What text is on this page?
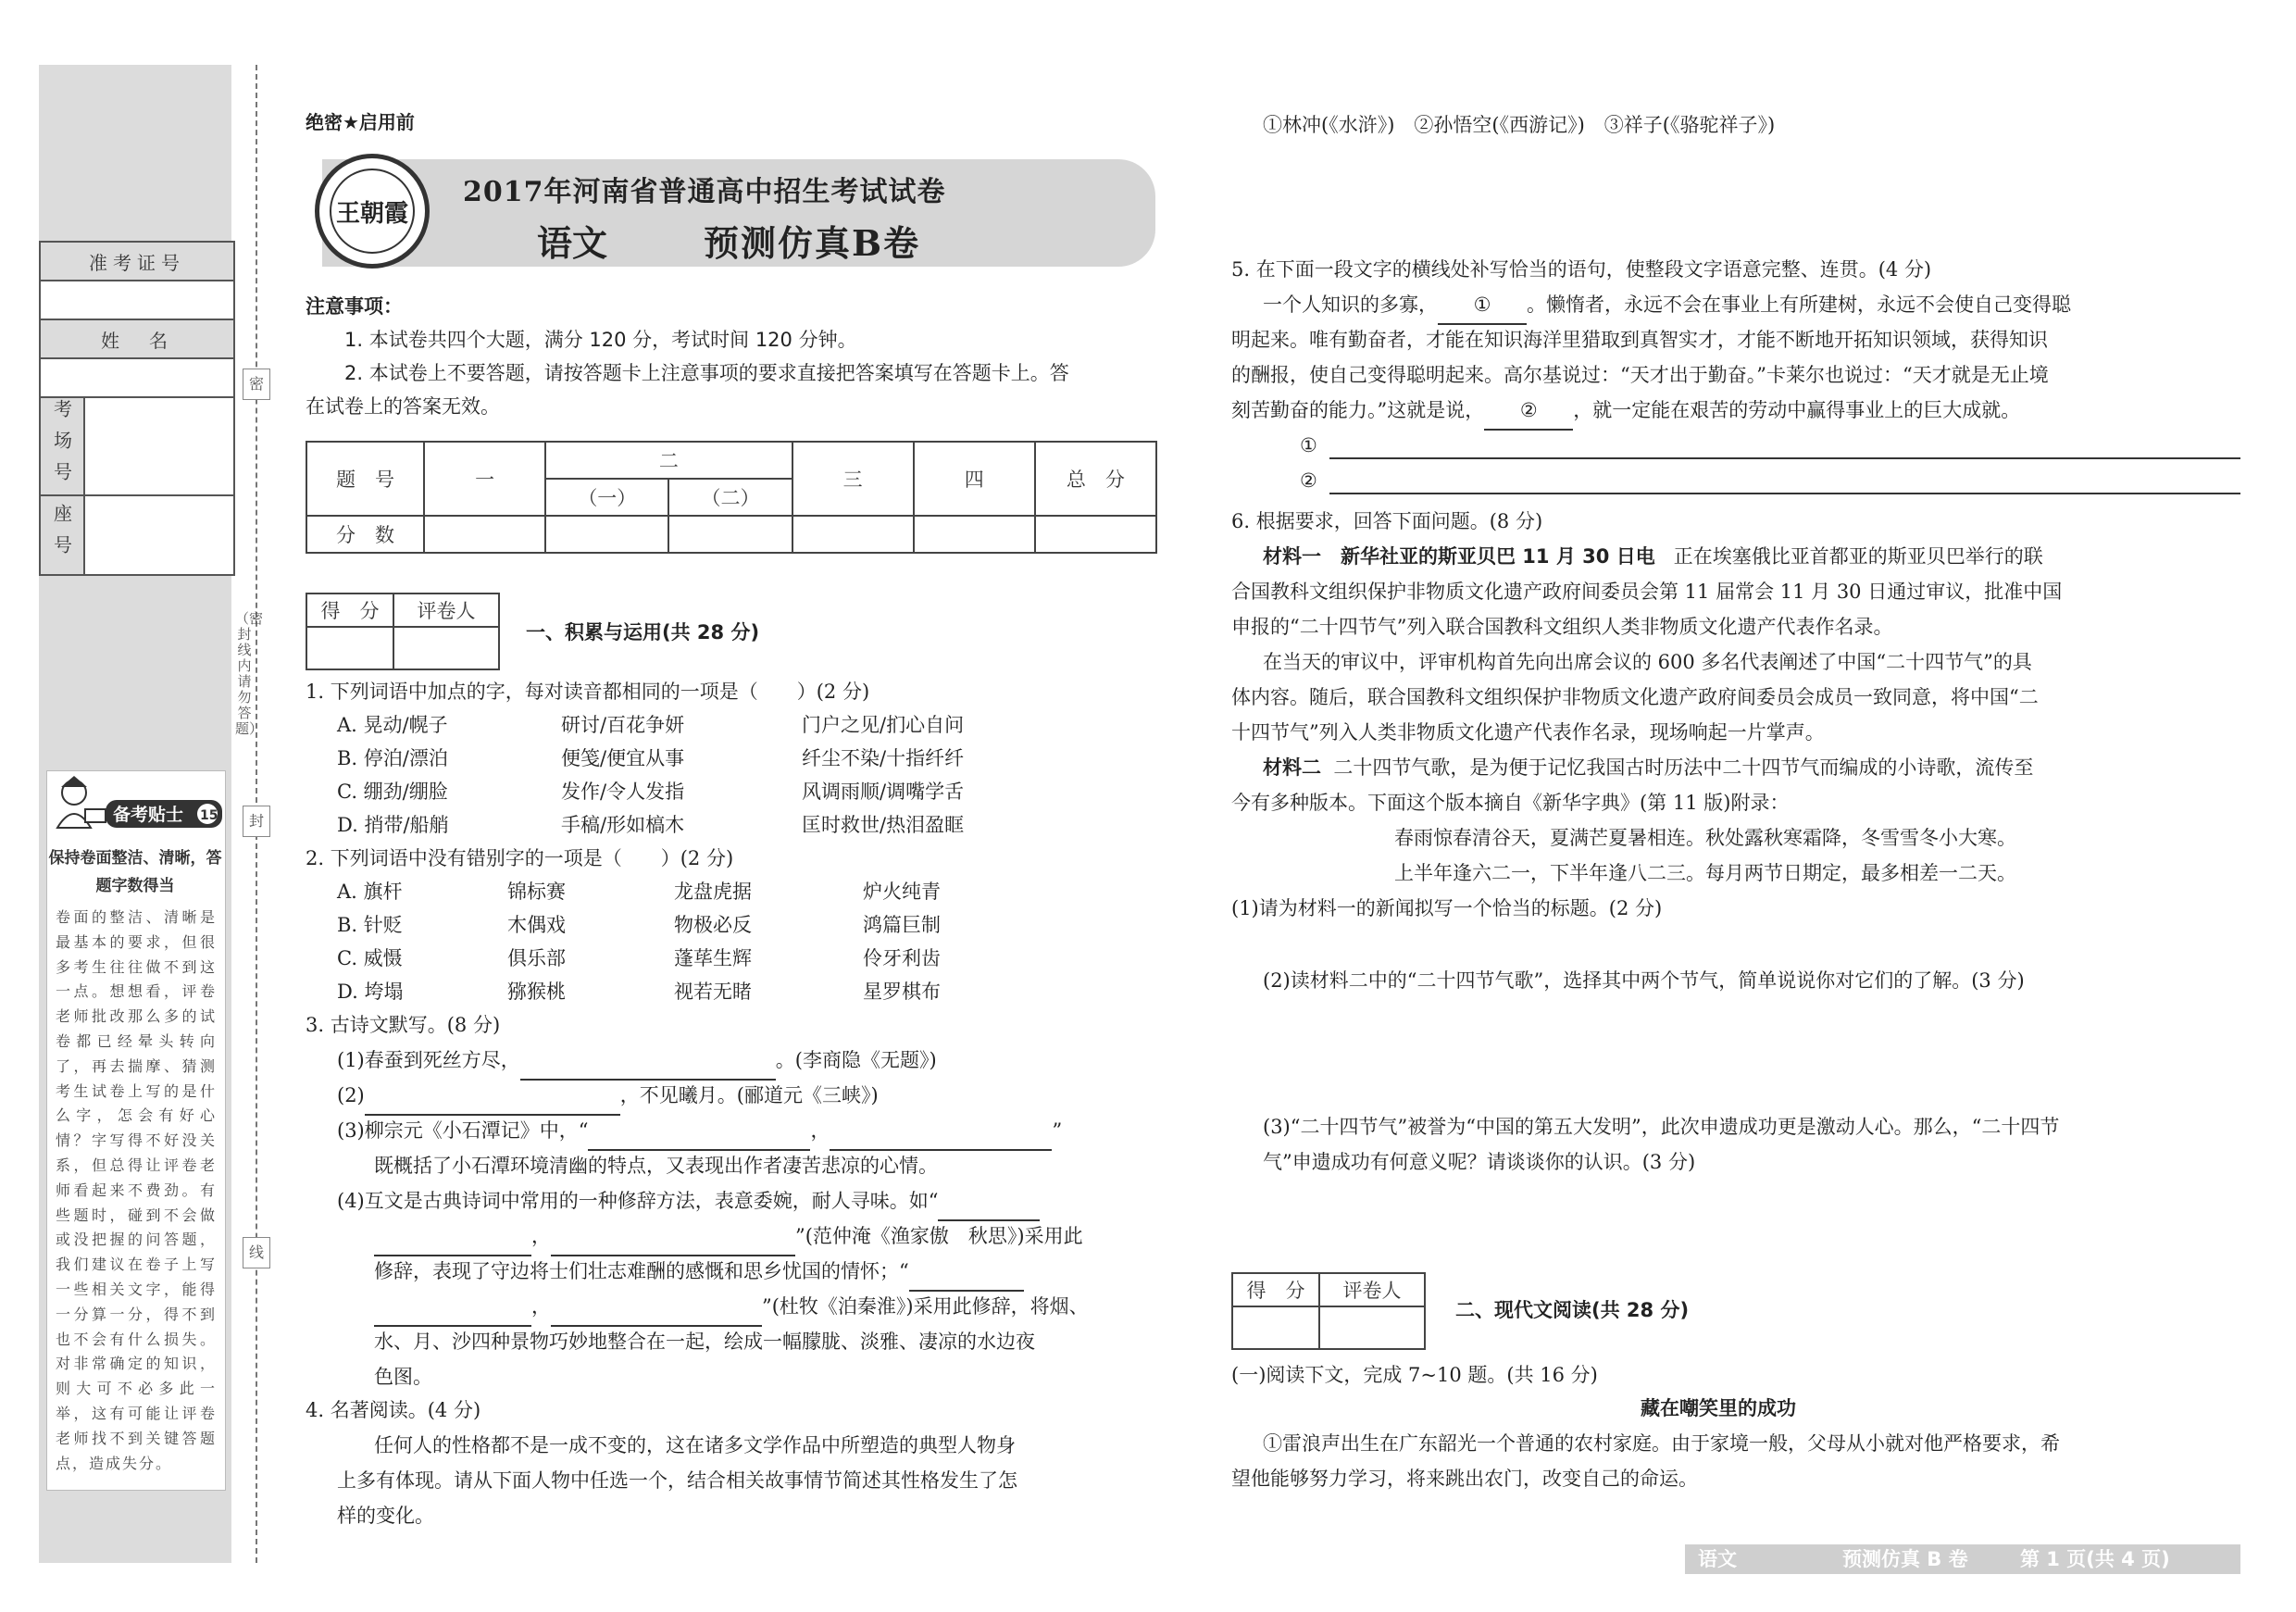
准考证号
姓　名
考场号
座号
备考贴士 15
保持卷面整洁、清晰，答题字数得当
卷面的整洁、清晰是最基本的要求，但很多考生往往做不到这一点。想想看，评卷老师批改那么多的试卷都已经晕头转向了，再去揣摩、猜测考生试卷上写的是什么字，怎会有好心情？字写得不好没关系，但总得让评卷老师看起来不费劲。有些题时，碰到不会做或没把握的问答题，我们建议在卷子上写一些相关文字，能得一分算一分，得不到也不会有什么损失。对非常确定的知识，则大可不必多此一举，这有可能让评卷老师找不到关键答题点，造成失分。
密
（密封线内请勿答题）
封
线
绝密★启用前
王朝霞
2017年河南省普通高中招生考试试卷
语文	预测仿真B卷
注意事项：
1. 本试卷共四个大题，满分 120 分，考试时间 120 分钟。
2. 本试卷上不要答题，请按答题卡上注意事项的要求直接把答案填写在答题卡上。答
在试卷上的答案无效。
题　号	一	二		三	四	总　分
		（一）	（二）			
分　数						
得　分	评卷人

一、积累与运用(共 28 分)
1. 下列词语中加点的字，每对读音都相同的一项是（　　）(2 分)
A. 晃动/幌子	研讨/百花争妍	门户之见/扪心自问
B. 停泊/漂泊	便笺/便宜从事	纤尘不染/十指纤纤
C. 绷劲/绷脸	发作/令人发指	风调雨顺/调嘴学舌
D. 捎带/船艄	手稿/形如槁木	匡时救世/热泪盈眶
2. 下列词语中没有错别字的一项是（　　）(2 分)
A. 旗杆	锦标赛	龙盘虎据	炉火纯青
B. 针贬	木偶戏	物极必反	鸿篇巨制
C. 威慑	俱乐部	蓬荜生辉	伶牙利齿
D. 垮塌	猕猴桃	视若无睹	星罗棋布
3. 古诗文默写。(8 分)
(1)春蚕到死丝方尽，	。(李商隐《无题》)
(2)	，不见曦月。(郦道元《三峡》)
(3)柳宗元《小石潭记》中，“	，	”
既概括了小石潭环境清幽的特点，又表现出作者凄苦悲凉的心情。
(4)互文是古典诗词中常用的一种修辞方法，表意委婉，耐人寻味。如“
，	”(范仲淹《渔家傲　秋思》)采用此
修辞，表现了守边将士们壮志难酬的感慨和思乡忧国的情怀；“
，	”(杜牧《泊秦淮》)采用此修辞，将烟、
水、月、沙四种景物巧妙地整合在一起，绘成一幅朦胧、淡雅、凄凉的水边夜
色图。
4. 名著阅读。(4 分)
任何人的性格都不是一成不变的，这在诸多文学作品中所塑造的典型人物身
上多有体现。请从下面人物中任选一个，结合相关故事情节简述其性格发生了怎
样的变化。
①林冲(《水浒》)　②孙悟空(《西游记》)　③祥子(《骆驼祥子》)
5. 在下面一段文字的横线处补写恰当的语句，使整段文字语意完整、连贯。(4 分)
一个人知识的多寡， ① 。懒惰者，永远不会在事业上有所建树，永远不会使自己变得聪
明起来。唯有勤奋者，才能在知识海洋里猎取到真智实才，才能不断地开拓知识领域，获得知识
的酬报，使自己变得聪明起来。高尔基说过：“天才出于勤奋。”卡莱尔也说过：“天才就是无止境
刻苦勤奋的能力。”这就是说， ② ，就一定能在艰苦的劳动中赢得事业上的巨大成就。
①
②
6. 根据要求，回答下面问题。(8 分)
材料一　新华社亚的斯亚贝巴 11 月 30 日电 正在埃塞俄比亚首都亚的斯亚贝巴举行的联
合国教科文组织保护非物质文化遗产政府间委员会第 11 届常会 11 月 30 日通过审议，批准中国
申报的“二十四节气”列入联合国教科文组织人类非物质文化遗产代表作名录。
在当天的审议中，评审机构首先向出席会议的 600 多名代表阐述了中国“二十四节气”的具
体内容。随后，联合国教科文组织保护非物质文化遗产政府间委员会成员一致同意，将中国“二
十四节气”列入人类非物质文化遗产代表作名录，现场响起一片掌声。
材料二 二十四节气歌，是为便于记忆我国古时历法中二十四节气而编成的小诗歌，流传至
今有多种版本。下面这个版本摘自《新华字典》(第 11 版)附录：
春雨惊春清谷天，夏满芒夏暑相连。秋处露秋寒霜降，冬雪雪冬小大寒。
上半年逢六二一，下半年逢八二三。每月两节日期定，最多相差一二天。
(1)请为材料一的新闻拟写一个恰当的标题。(2 分)
(2)读材料二中的“二十四节气歌”，选择其中两个节气，简单说说你对它们的了解。(3 分)
(3)“二十四节气”被誉为“中国的第五大发明”，此次申遗成功更是激动人心。那么，“二十四节
气”申遗成功有何意义呢？请谈谈你的认识。(3 分)
得　分	评卷人

二、现代文阅读(共 28 分)
(一)阅读下文，完成 7~10 题。(共 16 分)
藏在嘲笑里的成功
①雷浪声出生在广东韶光一个普通的农村家庭。由于家境一般，父母从小就对他严格要求，希
望他能够努力学习，将来跳出农门，改变自己的命运。
语文	预测仿真 B 卷	第 1 页(共 4 页)
